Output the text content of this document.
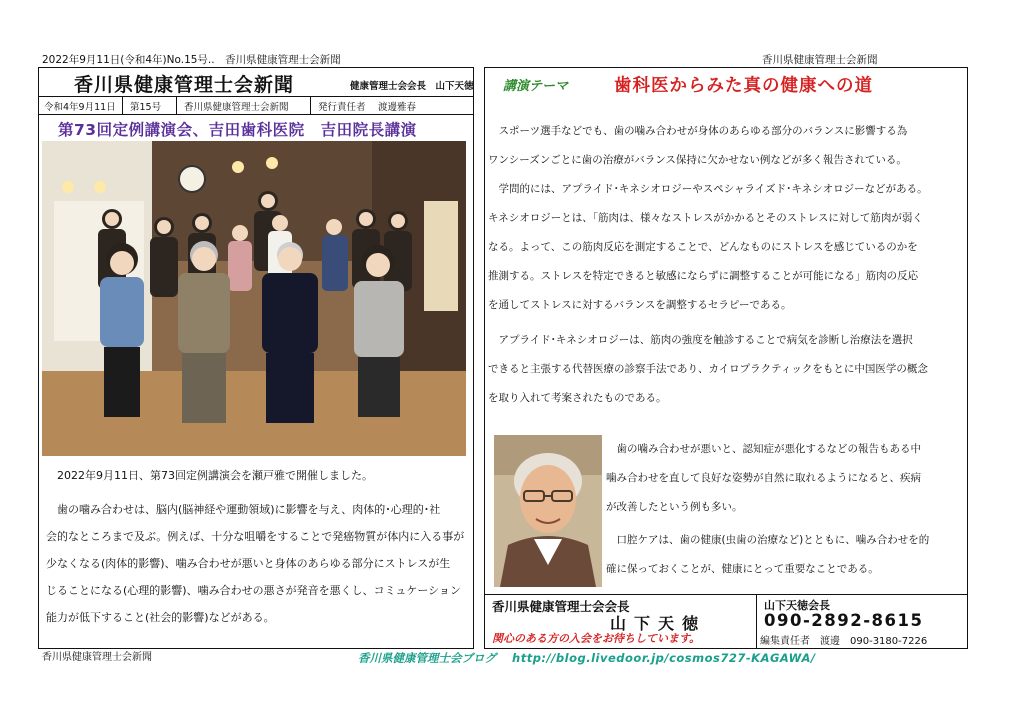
2022年9月11日(令和4年)No.15号..　香川県健康管理士会新聞	香川県健康管理士会新聞
香川県健康管理士会新聞	健康管理士会会長　山下天徳
令和4年9月11日 第15号 香川県健康管理士会新聞	発行責任者 渡邊雅春
第73回定例講演会、吉田歯科医院　吉田院長講演
　2022年9月11日、第73回定例講演会を瀬戸雅で開催しました。
　歯の噛み合わせは、脳内(脳神経や運動領域)に影響を与え、肉体的･心理的･社
会的なところまで及ぶ。例えば、十分な咀嚼をすることで発癌物質が体内に入る事が
少なくなる(肉体的影響)、噛み合わせが悪いと身体のあらゆる部分にストレスが生
じることになる(心理的影響)、噛み合わせの悪さが発音を悪くし、コミュケーション
能力が低下すること(社会的影響)などがある。
香川県健康管理士会新聞
講演テーマ	歯科医からみた真の健康への道
　スポーツ選手などでも、歯の噛み合わせが身体のあらゆる部分のバランスに影響する為
ワンシーズンごとに歯の治療がバランス保持に欠かせない例などが多く報告されている。
　学問的には、アプライド･キネシオロジーやスペシャライズド･キネシオロジーなどがある。
キネシオロジーとは、「筋肉は、様々なストレスがかかるとそのストレスに対して筋肉が弱く
なる。よって、この筋肉反応を測定することで、どんなものにストレスを感じているのかを
推測する。ストレスを特定できると敏感にならずに調整することが可能になる」筋肉の反応
を通してストレスに対するバランスを調整するセラピーである。
　アプライド･キネシオロジーは、筋肉の強度を触診することで病気を診断し治療法を選択
できると主張する代替医療の診察手法であり、カイロプラクティックをもとに中国医学の概念
を取り入れて考案されたものである。
　歯の噛み合わせが悪いと、認知症が悪化するなどの報告もある中
噛み合わせを直して良好な姿勢が自然に取れるようになると、疾病
が改善したという例も多い。
　口腔ケアは、歯の健康(虫歯の治療など)とともに、噛み合わせを的
確に保っておくことが、健康にとって重要なことである。
香川県健康管理士会会長
山下天徳
関心のある方の入会をお待ちしています。
山下天徳会長
090-2892-8615
編集責任者　渡邊　090-3180-7226
香川県健康管理士会ブログ http://blog.livedoor.jp/cosmos727-KAGAWA/
